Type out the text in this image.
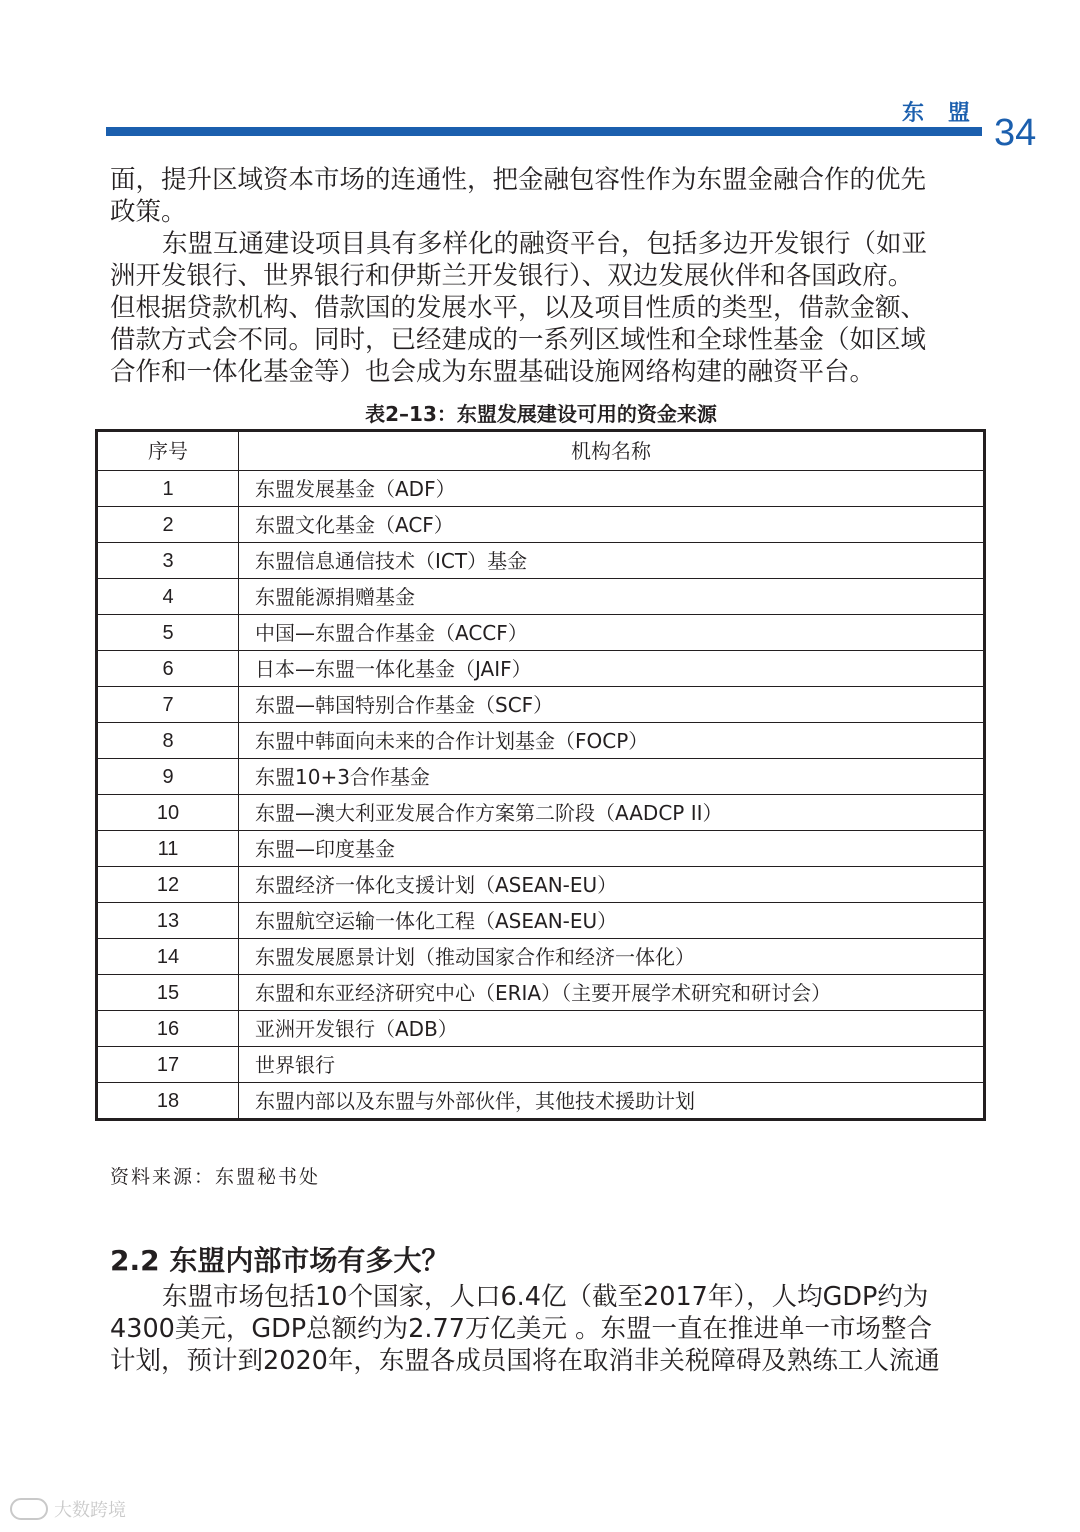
东盟 34

面，提升区域资本市场的连通性，把金融包容性作为东盟金融合作的优先
政策。

东盟互通建设项目具有多样化的融资平台，包括多边开发银行（如亚
洲开发银行、世界银行和伊斯兰开发银行）、双边发展伙伴和各国政府。
但根据贷款机构、借款国的发展水平，以及项目性质的类型，借款金额、
借款方式会不同。同时，已经建成的一系列区域性和全球性基金（如区域
合作和一体化基金等）也会成为东盟基础设施网络构建的融资平台。

表2–13：东盟发展建设可用的资金来源
序号	机构名称
1	东盟发展基金（ADF）
2	东盟文化基金（ACF）
3	东盟信息通信技术（ICT）基金
4	东盟能源捐赠基金
5	中国—东盟合作基金（ACCF）
6	日本—东盟一体化基金（JAIF）
7	东盟—韩国特别合作基金（SCF）
8	东盟中韩面向未来的合作计划基金（FOCP）
9	东盟10+3合作基金
10	东盟—澳大利亚发展合作方案第二阶段（AADCP II）
11	东盟—印度基金
12	东盟经济一体化支援计划（ASEAN-EU）
13	东盟航空运输一体化工程（ASEAN-EU）
14	东盟发展愿景计划（推动国家合作和经济一体化）
15	东盟和东亚经济研究中心（ERIA）（主要开展学术研究和研讨会）
16	亚洲开发银行（ADB）
17	世界银行
18	东盟内部以及东盟与外部伙伴，其他技术援助计划
资料来源：东盟秘书处
2.2 东盟内部市场有多大？

东盟市场包括10个国家，人口6.4亿（截至2017年），人均GDP约为
4300美元，GDP总额约为2.77万亿美元 。东盟一直在推进单一市场整合
计划，预计到2020年，东盟各成员国将在取消非关税障碍及熟练工人流通

大数跨境
